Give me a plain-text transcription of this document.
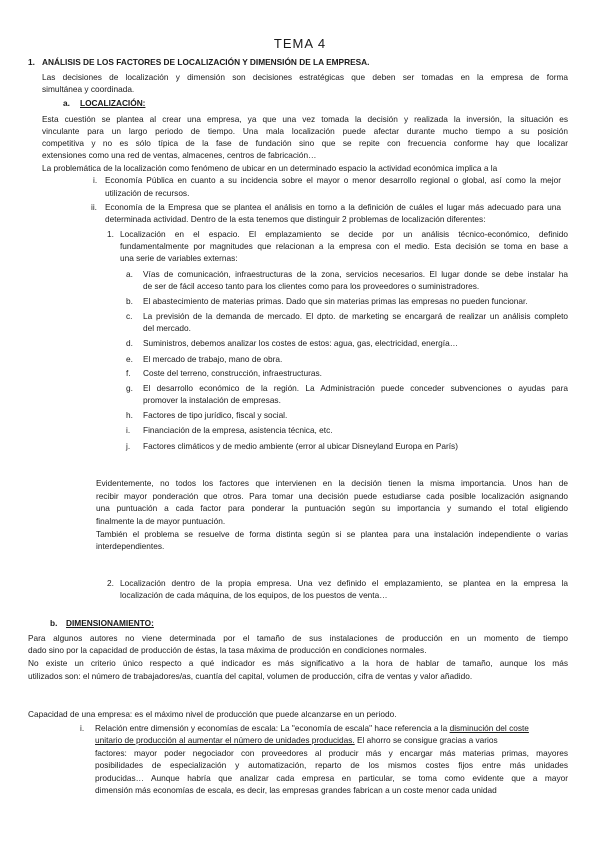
TEMA 4
1. ANÁLISIS DE LOS FACTORES DE LOCALIZACIÓN Y DIMENSIÓN DE LA EMPRESA.
Las decisiones de localización y dimensión son decisiones estratégicas que deben ser tomadas en la empresa de forma
simultánea y coordinada.
a. LOCALIZACIÓN:
Esta cuestión se plantea al crear una empresa, ya que una vez tomada la decisión y realizada la inversión, la situación es
vinculante para un largo periodo de tiempo. Una mala localización puede afectar durante mucho tiempo a su posición
competitiva y no es sólo típica de la fase de fundación sino que se repite con frecuencia conforme hay que localizar
extensiones como una red de ventas, almacenes, centros de fabricación…
La problemática de la localización como fenómeno de ubicar en un determinado espacio la actividad económica implica a la
i. Economía Pública en cuanto a su incidencia sobre el mayor o menor desarrollo regional o global, así como la mejor
utilización de recursos.
ii. Economía de la Empresa que se plantea el análisis en torno a la definición de cuáles el lugar más adecuado para una
determinada actividad. Dentro de la esta tenemos que distinguir 2 problemas de localización diferentes:
1. Localización en el espacio. El emplazamiento se decide por un análisis técnico-económico, definido
fundamentalmente por magnitudes que relacionan a la empresa con el medio. Esta decisión se toma en base a
una serie de variables externas:
a. Vías de comunicación, infraestructuras de la zona, servicios necesarios. El lugar donde se debe instalar ha
de ser de fácil acceso tanto para los clientes como para los proveedores o suministradores.
b. El abastecimiento de materias primas. Dado que sin materias primas las empresas no pueden funcionar.
c. La previsión de la demanda de mercado. El dpto. de marketing se encargará de realizar un análisis completo
del mercado.
d. Suministros, debemos analizar los costes de estos: agua, gas, electricidad, energía…
e. El mercado de trabajo, mano de obra.
f. Coste del terreno, construcción, infraestructuras.
g. El desarrollo económico de la región. La Administración puede conceder subvenciones o ayudas para
promover la instalación de empresas.
h. Factores de tipo jurídico, fiscal y social.
i. Financiación de la empresa, asistencia técnica, etc.
j. Factores climáticos y de medio ambiente (error al ubicar Disneyland Europa en París)
Evidentemente, no todos los factores que intervienen en la decisión tienen la misma importancia. Unos han de
recibir mayor ponderación que otros. Para tomar una decisión puede estudiarse cada posible localización asignando
una puntuación a cada factor para ponderar la puntuación según su importancia y sumando el total eligiendo
finalmente la de mayor puntuación.
También el problema se resuelve de forma distinta según si se plantea para una instalación independiente o varias
interdependientes.
2. Localización dentro de la propia empresa. Una vez definido el emplazamiento, se plantea en la empresa la
localización de cada máquina, de los equipos, de los puestos de venta…
b. DIMENSIONAMIENTO:
Para algunos autores no viene determinada por el tamaño de sus instalaciones de producción en un momento de tiempo
dado sino por la capacidad de producción de éstas, la tasa máxima de producción en condiciones normales.
No existe un criterio único respecto a qué indicador es más significativo a la hora de hablar de tamaño, aunque los más
utilizados son: el número de trabajadores/as, cuantía del capital, volumen de producción, cifra de ventas y valor añadido.
Capacidad de una empresa: es el máximo nivel de producción que puede alcanzarse en un periodo.
i. Relación entre dimensión y economías de escala: La "economía de escala" hace referencia a la disminución del coste
unitario de producción al aumentar el número de unidades producidas. El ahorro se consigue gracias a varios
factores: mayor poder negociador con proveedores al producir más y encargar más materias primas, mayores
posibilidades de especialización y automatización, reparto de los mismos costes fijos entre más unidades
producidas… Aunque habría que analizar cada empresa en particular, se toma como evidente que a mayor
dimensión más economías de escala, es decir, las empresas grandes fabrican a un coste menor cada unidad
